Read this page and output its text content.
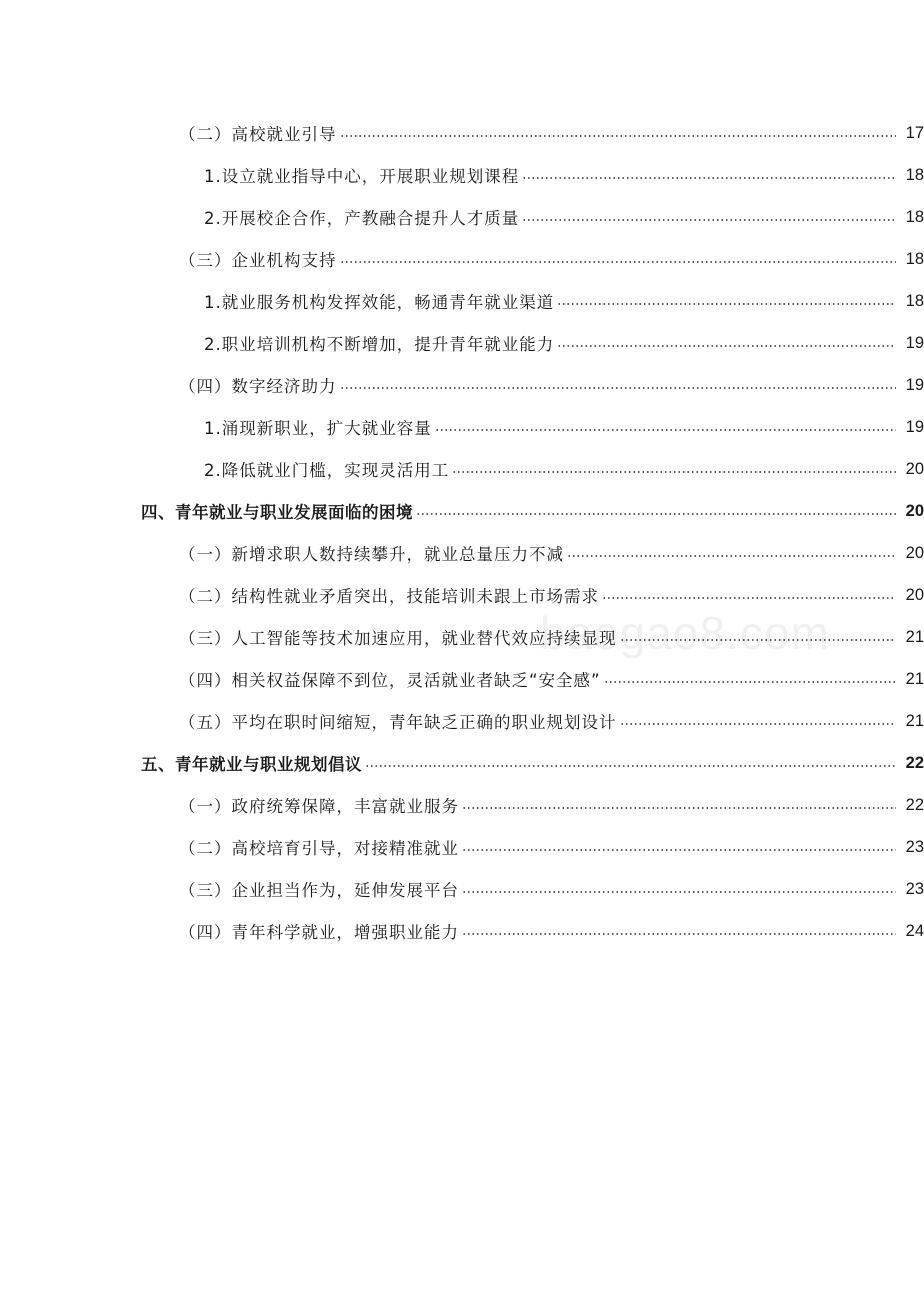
（二）高校就业引导	17
1.设立就业指导中心，开展职业规划课程	18
2.开展校企合作，产教融合提升人才质量	18
（三）企业机构支持	18
1.就业服务机构发挥效能，畅通青年就业渠道	18
2.职业培训机构不断增加，提升青年就业能力	19
（四）数字经济助力	19
1.涌现新职业，扩大就业容量	19
2.降低就业门槛，实现灵活用工	20
四、青年就业与职业发展面临的困境	20
（一）新增求职人数持续攀升，就业总量压力不减	20
（二）结构性就业矛盾突出，技能培训未跟上市场需求	20
（三）人工智能等技术加速应用，就业替代效应持续显现	21
（四）相关权益保障不到位，灵活就业者缺乏“安全感”	21
（五）平均在职时间缩短，青年缺乏正确的职业规划设计	21
五、青年就业与职业规划倡议	22
（一）政府统筹保障，丰富就业服务	22
（二）高校培育引导，对接精准就业	23
（三）企业担当作为，延伸发展平台	23
（四）青年科学就业，增强职业能力	24
baogao8.com
